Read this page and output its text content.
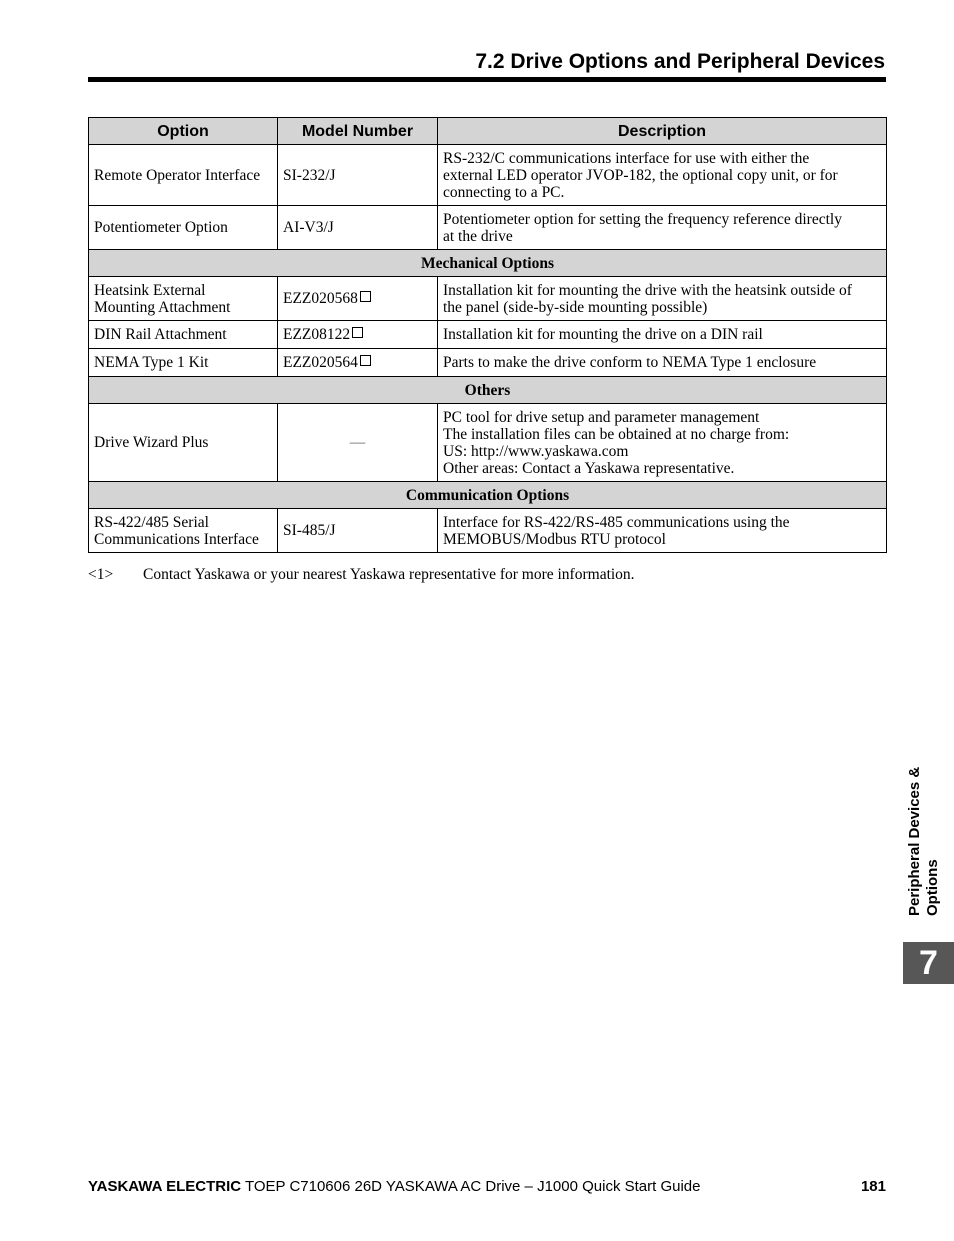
7.2 Drive Options and Peripheral Devices
Option	Model Number	Description
Remote Operator Interface	SI-232/J	RS-232/C communications interface for use with either the
external LED operator JVOP-182, the optional copy unit, or for
connecting to a PC.

Potentiometer Option	AI-V3/J	Potentiometer option for setting the frequency reference directly
at the drive

Mechanical Options		

Heatsink External
Mounting Attachment	EZZ020568	Installation kit for mounting the drive with the heatsink outside of
the panel (side-by-side mounting possible)

DIN Rail Attachment	EZZ08122	Installation kit for mounting the drive on a DIN rail
NEMA Type 1 Kit	EZZ020564	Parts to make the drive conform to NEMA Type 1 enclosure
Others		
Drive Wizard Plus	—	PC tool for drive setup and parameter management
The installation files can be obtained at no charge from:
US: http://www.yaskawa.com
Other areas: Contact a Yaskawa representative.

Communication Options		

RS-422/485 Serial
Communications Interface	SI-485/J	Interface for RS-422/RS-485 communications using the
MEMOBUS/Modbus RTU protocol
<1> Contact Yaskawa or your nearest Yaskawa representative for more information.
Peripheral Devices & Options
7
YASKAWA ELECTRIC TOEP C710606 26D YASKAWA AC Drive – J1000 Quick Start Guide	181
